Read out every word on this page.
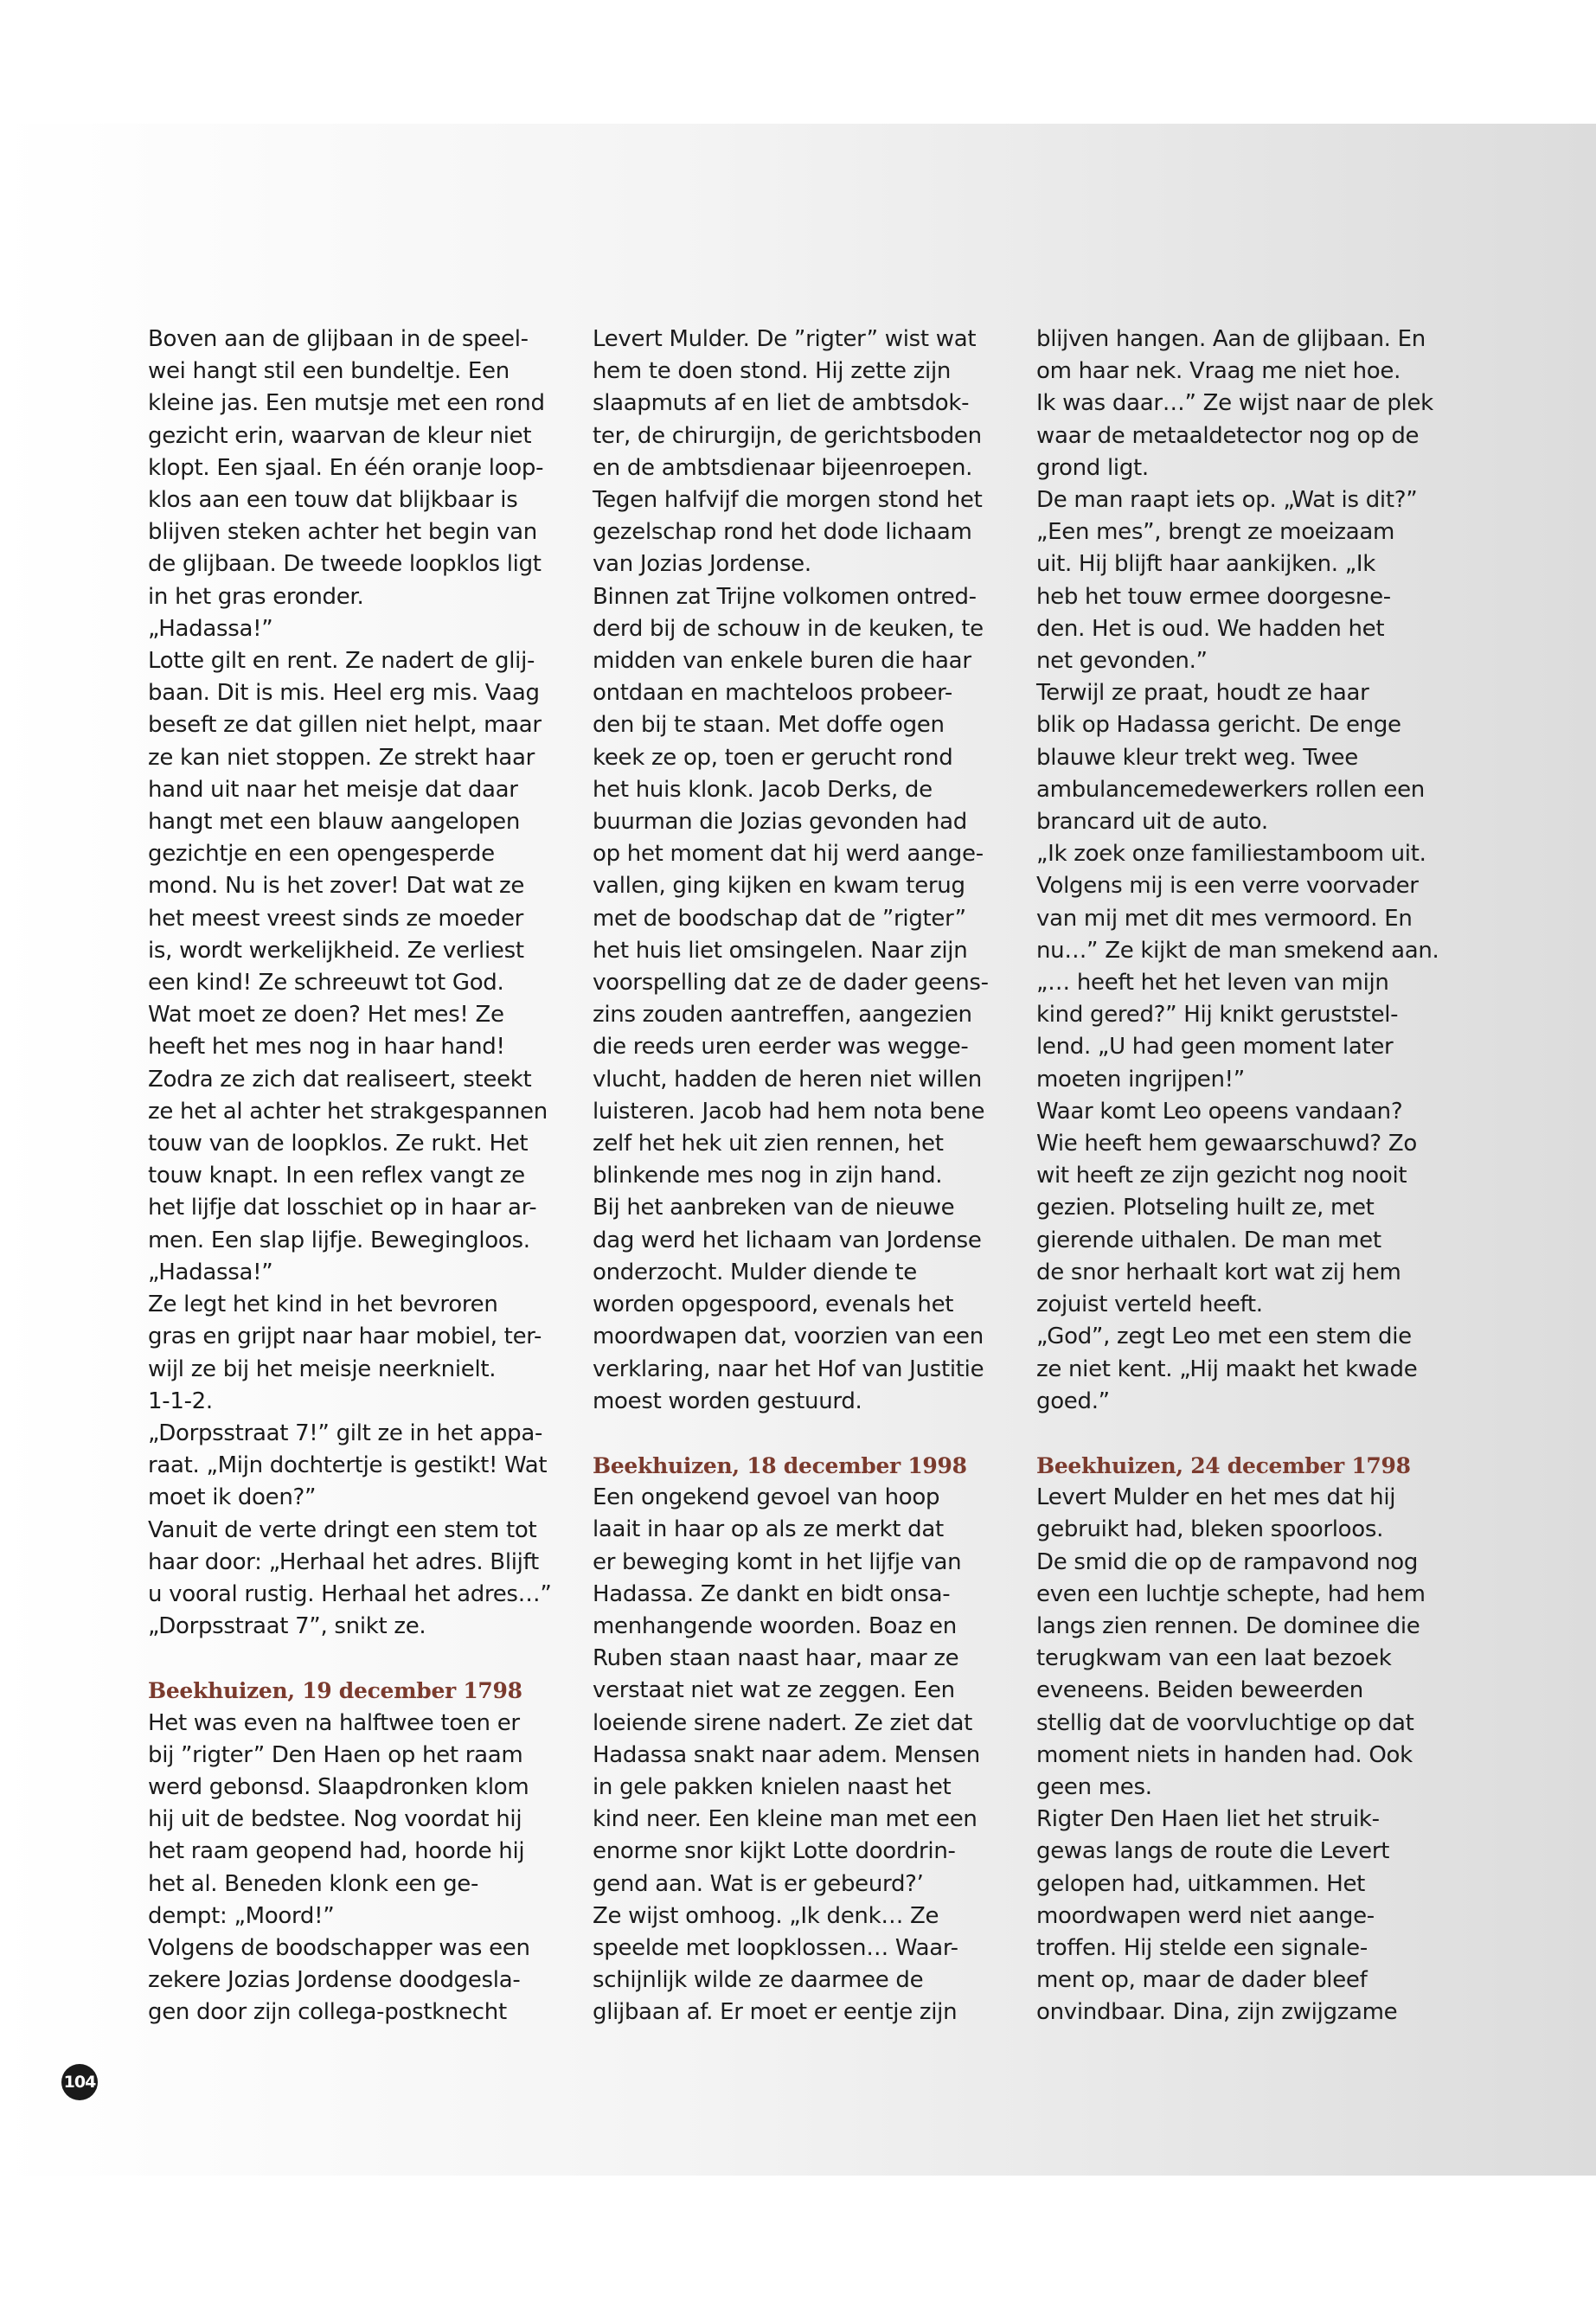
Boven aan de glijbaan in de speel-
wei hangt stil een bundeltje. Een
kleine jas. Een mutsje met een rond
gezicht erin, waarvan de kleur niet
klopt. Een sjaal. En één oranje loop-
klos aan een touw dat blijkbaar is
blijven steken achter het begin van
de glijbaan. De tweede loopklos ligt
in het gras eronder.
„Hadassa!”
Lotte gilt en rent. Ze nadert de glij-
baan. Dit is mis. Heel erg mis. Vaag
beseft ze dat gillen niet helpt, maar
ze kan niet stoppen. Ze strekt haar
hand uit naar het meisje dat daar
hangt met een blauw aangelopen
gezichtje en een opengesperde
mond. Nu is het zover! Dat wat ze
het meest vreest sinds ze moeder
is, wordt werkelijkheid. Ze verliest
een kind! Ze schreeuwt tot God.
Wat moet ze doen? Het mes! Ze
heeft het mes nog in haar hand!
Zodra ze zich dat realiseert, steekt
ze het al achter het strakgespannen
touw van de loopklos. Ze rukt. Het
touw knapt. In een reflex vangt ze
het lijfje dat losschiet op in haar ar-
men. Een slap lijfje. Bewegingloos.
„Hadassa!”
Ze legt het kind in het bevroren
gras en grijpt naar haar mobiel, ter-
wijl ze bij het meisje neerknielt.
1-1-2.
„Dorpsstraat 7!” gilt ze in het appa-
raat. „Mijn dochtertje is gestikt! Wat
moet ik doen?”
Vanuit de verte dringt een stem tot
haar door: „Herhaal het adres. Blijft
u vooral rustig. Herhaal het adres…”
„Dorpsstraat 7”, snikt ze.
Beekhuizen, 19 december 1798
Het was even na halftwee toen er
bij ”rigter” Den Haen op het raam
werd gebonsd. Slaapdronken klom
hij uit de bedstee. Nog voordat hij
het raam geopend had, hoorde hij
het al. Beneden klonk een ge-
dempt: „Moord!”
Volgens de boodschapper was een
zekere Jozias Jordense doodgesla-
gen door zijn collega-postknecht
Levert Mulder. De ”rigter” wist wat
hem te doen stond. Hij zette zijn
slaapmuts af en liet de ambtsdok-
ter, de chirurgijn, de gerichtsboden
en de ambtsdienaar bijeenroepen.
Tegen halfvijf die morgen stond het
gezelschap rond het dode lichaam
van Jozias Jordense.
Binnen zat Trijne volkomen ontred-
derd bij de schouw in de keuken, te
midden van enkele buren die haar
ontdaan en machteloos probeer-
den bij te staan. Met doffe ogen
keek ze op, toen er gerucht rond
het huis klonk. Jacob Derks, de
buurman die Jozias gevonden had
op het moment dat hij werd aange-
vallen, ging kijken en kwam terug
met de boodschap dat de ”rigter”
het huis liet omsingelen. Naar zijn
voorspelling dat ze de dader geens-
zins zouden aantreffen, aangezien
die reeds uren eerder was wegge-
vlucht, hadden de heren niet willen
luisteren. Jacob had hem nota bene
zelf het hek uit zien rennen, het
blinkende mes nog in zijn hand.
Bij het aanbreken van de nieuwe
dag werd het lichaam van Jordense
onderzocht. Mulder diende te
worden opgespoord, evenals het
moordwapen dat, voorzien van een
verklaring, naar het Hof van Justitie
moest worden gestuurd.
Beekhuizen, 18 december 1998
Een ongekend gevoel van hoop
laait in haar op als ze merkt dat
er beweging komt in het lijfje van
Hadassa. Ze dankt en bidt onsa-
menhangende woorden. Boaz en
Ruben staan naast haar, maar ze
verstaat niet wat ze zeggen. Een
loeiende sirene nadert. Ze ziet dat
Hadassa snakt naar adem. Mensen
in gele pakken knielen naast het
kind neer. Een kleine man met een
enorme snor kijkt Lotte doordrin-
gend aan. Wat is er gebeurd?’
Ze wijst omhoog. „Ik denk… Ze
speelde met loopklossen… Waar-
schijnlijk wilde ze daarmee de
glijbaan af. Er moet er eentje zijn
blijven hangen. Aan de glijbaan. En
om haar nek. Vraag me niet hoe.
Ik was daar…” Ze wijst naar de plek
waar de metaaldetector nog op de
grond ligt.
De man raapt iets op. „Wat is dit?”
„Een mes”, brengt ze moeizaam
uit. Hij blijft haar aankijken. „Ik
heb het touw ermee doorgesne-
den. Het is oud. We hadden het
net gevonden.”
Terwijl ze praat, houdt ze haar
blik op Hadassa gericht. De enge
blauwe kleur trekt weg. Twee
ambulancemedewerkers rollen een
brancard uit de auto.
„Ik zoek onze familiestamboom uit.
Volgens mij is een verre voorvader
van mij met dit mes vermoord. En
nu…” Ze kijkt de man smekend aan.
„… heeft het het leven van mijn
kind gered?” Hij knikt geruststel-
lend. „U had geen moment later
moeten ingrijpen!”
Waar komt Leo opeens vandaan?
Wie heeft hem gewaarschuwd? Zo
wit heeft ze zijn gezicht nog nooit
gezien. Plotseling huilt ze, met
gierende uithalen. De man met
de snor herhaalt kort wat zij hem
zojuist verteld heeft.
„God”, zegt Leo met een stem die
ze niet kent. „Hij maakt het kwade
goed.”
Beekhuizen, 24 december 1798
Levert Mulder en het mes dat hij
gebruikt had, bleken spoorloos.
De smid die op de rampavond nog
even een luchtje schepte, had hem
langs zien rennen. De dominee die
terugkwam van een laat bezoek
eveneens. Beiden beweerden
stellig dat de voorvluchtige op dat
moment niets in handen had. Ook
geen mes.
Rigter Den Haen liet het struik-
gewas langs de route die Levert
gelopen had, uitkammen. Het
moordwapen werd niet aange-
troffen. Hij stelde een signale-
ment op, maar de dader bleef
onvindbaar. Dina, zijn zwijgzame
104
